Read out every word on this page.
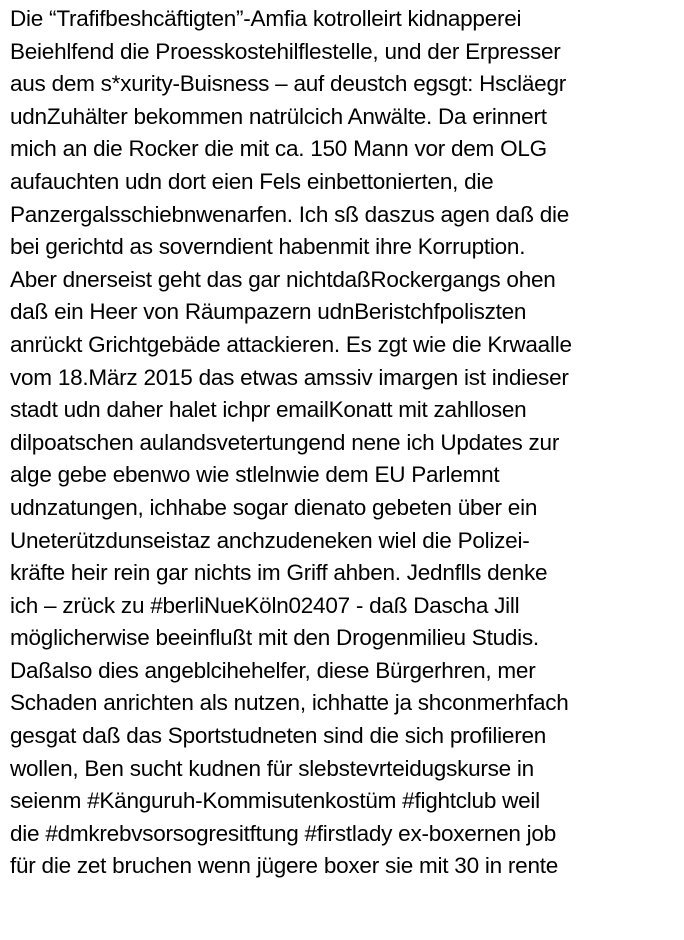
Die “Trafifbeshcäftigten”-Amfia kotrolleirt kidnapperei
Beiehlfend die Proesskostehilflestelle, und der Erpresser
aus dem s*xurity-Buisness – auf deustch egsgt: Hscläegr
udnZuhälter bekommen natrülcich Anwälte. Da erinnert
mich an die Rocker die mit ca. 150 Mann vor dem OLG
aufauchten udn dort eien Fels einbettonierten, die
Panzergalsschiebnwenarfen. Ich sß daszus agen daß die
bei gerichtd as soverndient habenmit ihre Korruption.
Aber dnerseist geht das gar nichtdaßRockergangs ohen
daß ein Heer von Räumpazern udnBeristchfpoliszten
anrückt Grichtgebäde attackieren. Es zgt wie die Krwaalle
vom 18.März 2015 das etwas amssiv imargen ist indieser
stadt udn daher halet ichpr emailKonatt mit zahllosen
dilpoatschen aulandsvetertungend nene ich Updates zur
alge gebe ebenwo wie stlelnwie dem EU Parlemnt
udnzatungen, ichhabe sogar dienato gebeten über ein
Uneterützdunseistaz anchzudeneken wiel die Polizei-
kräfte heir rein gar nichts im Griff ahben. Jednflls denke
ich – zrück zu #berliNueKöln02407 - daß Dascha Jill
möglicherwise beeinflußt mit den Drogenmilieu Studis.
Daßalso dies angeblcihehelfer, diese Bürgerhren, mer
Schaden anrichten als nutzen, ichhatte ja shconmerhfach
gesgat daß das Sportstudneten sind die sich profilieren
wollen, Ben sucht kudnen für slebstevrteidugskurse in
seienm #Känguruh-Kommisutenkostüm #fightclub weil
die #dmkrebvsorsogresitftung #firstlady ex-boxernen job
für die zet bruchen wenn jügere boxer sie mit 30 in rente
